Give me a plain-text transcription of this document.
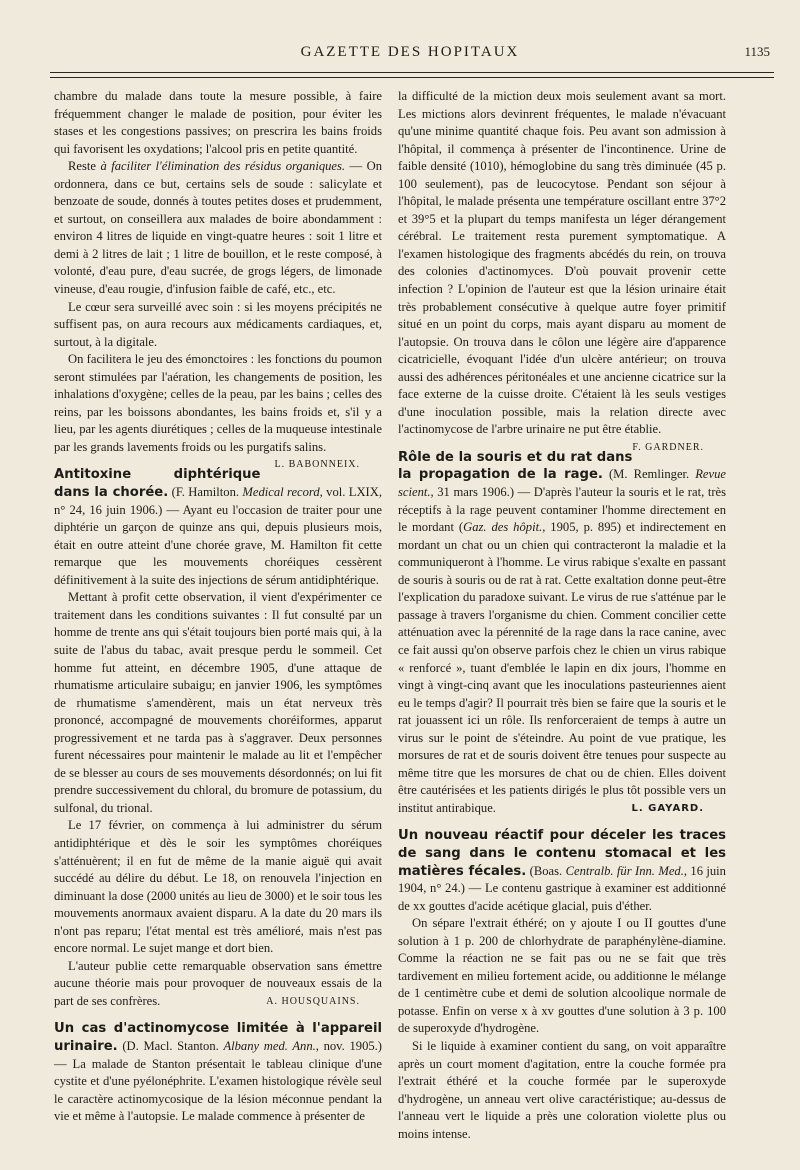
GAZETTE DES HOPITAUX	1135

chambre du malade dans toute la mesure possible, à faire fréquemment changer le malade de position, pour éviter les stases et les congestions passives; on prescrira les bains froids qui favorisent les oxydations; l'alcool pris en petite quantité.

Reste à faciliter l'élimination des résidus organiques. — On ordonnera, dans ce but, certains sels de soude : salicylate et benzoate de soude, donnés à toutes petites doses et prudemment, et surtout, on conseillera aux malades de boire abondamment : environ 4 litres de liquide en vingt-quatre heures : soit 1 litre et demi à 2 litres de lait ; 1 litre de bouillon, et le reste composé, à volonté, d'eau pure, d'eau sucrée, de grogs légers, de limonade vineuse, d'eau rougie, d'infusion faible de café, etc., etc.

Le cœur sera surveillé avec soin : si les moyens précipités ne suffisent pas, on aura recours aux médicaments cardiaques, et, surtout, à la digitale.

On facilitera le jeu des émonctoires : les fonctions du poumon seront stimulées par l'aération, les changements de position, les inhalations d'oxygène; celles de la peau, par les bains ; celles des reins, par les boissons abondantes, les bains froids et, s'il y a lieu, par les agents diurétiques ; celles de la muqueuse intestinale par les grands lavements froids ou les purgatifs salins.
L. BABONNEIX.

Antitoxine diphtérique dans la chorée. (F. Hamilton. Medical record, vol. LXIX, n° 24, 16 juin 1906.) — Ayant eu l'occasion de traiter pour une diphtérie un garçon de quinze ans qui, depuis plusieurs mois, était en outre atteint d'une chorée grave, M. Hamilton fit cette remarque que les mouvements choréiques cessèrent définitivement à la suite des injections de sérum antidiphtérique.

Mettant à profit cette observation, il vient d'expérimenter ce traitement dans les conditions suivantes : Il fut consulté par un homme de trente ans qui s'était toujours bien porté mais qui, à la suite de l'abus du tabac, avait presque perdu le sommeil. Cet homme fut atteint, en décembre 1905, d'une attaque de rhumatisme articulaire subaigu; en janvier 1906, les symptômes de rhumatisme s'amendèrent, mais un état nerveux très prononcé, accompagné de mouvements choréiformes, apparut progressivement et ne tarda pas à s'aggraver. Deux personnes furent nécessaires pour maintenir le malade au lit et l'empêcher de se blesser au cours de ses mouvements désordonnés; on lui fit prendre successivement du chloral, du bromure de potassium, du sulfonal, du trional.

Le 17 février, on commença à lui administrer du sérum antidiphtérique et dès le soir les symptômes choréiques s'atténuèrent; il en fut de même de la manie aiguë qui avait succédé au délire du début. Le 18, on renouvela l'injection en diminuant la dose (2000 unités au lieu de 3000) et le soir tous les mouvements anormaux avaient disparu. A la date du 20 mars ils n'ont pas reparu; l'état mental est très amélioré, mais n'est pas encore normal. Le sujet mange et dort bien.

L'auteur publie cette remarquable observation sans émettre aucune théorie mais pour provoquer de nouveaux essais de la part de ses confrères.	A. HOUSQUAINS.

Un cas d'actinomycose limitée à l'appareil urinaire. (D. Macl. Stanton. Albany med. Ann., nov. 1905.) — La malade de Stanton présentait le tableau clinique d'une cystite et d'une pyélonéphrite. L'examen histologique révèle seul le caractère actinomycosique de la lésion méconnue pendant la vie et même à l'autopsie. Le malade commence à présenter de

la difficulté de la miction deux mois seulement avant sa mort. Les mictions alors devinrent fréquentes, le malade n'évacuant qu'une minime quantité chaque fois. Peu avant son admission à l'hôpital, il commença à présenter de l'incontinence. Urine de faible densité (1010), hémoglobine du sang très diminuée (45 p. 100 seulement), pas de leucocytose. Pendant son séjour à l'hôpital, le malade présenta une température oscillant entre 37°2 et 39°5 et la plupart du temps manifesta un léger dérangement cérébral. Le traitement resta purement symptomatique. A l'examen histologique des fragments abcédés du rein, on trouva des colonies d'actinomyces. D'où pouvait provenir cette infection ? L'opinion de l'auteur est que la lésion urinaire était très probablement consécutive à quelque autre foyer primitif situé en un point du corps, mais ayant disparu au moment de l'autopsie. On trouva dans le côlon une légère aire d'apparence cicatricielle, évoquant l'idée d'un ulcère antérieur; on trouva aussi des adhérences péritonéales et une ancienne cicatrice sur la face externe de la cuisse droite. C'étaient là les seuls vestiges d'une inoculation possible, mais la relation directe avec l'actinomycose de l'arbre urinaire ne put être établie.
F. GARDNER.

Rôle de la souris et du rat dans la propagation de la rage. (M. Remlinger. Revue scient., 31 mars 1906.) — D'après l'auteur la souris et le rat, très réceptifs à la rage peuvent contaminer l'homme directement en le mordant (Gaz. des hôpit., 1905, p. 895) et indirectement en mordant un chat ou un chien qui contracteront la maladie et la communiqueront à l'homme. Le virus rabique s'exalte en passant de souris à souris ou de rat à rat. Cette exaltation donne peut-être l'explication du paradoxe suivant. Le virus de rue s'atténue par le passage à travers l'organisme du chien. Comment concilier cette atténuation avec la pérennité de la rage dans la race canine, avec ce fait aussi qu'on observe parfois chez le chien un virus rabique « renforcé », tuant d'emblée le lapin en dix jours, l'homme en vingt à vingt-cinq avant que les inoculations pasteuriennes aient eu le temps d'agir? Il pourrait très bien se faire que la souris et le rat jouassent ici un rôle. Ils renforceraient de temps à autre un virus sur le point de s'éteindre. Au point de vue pratique, les morsures de rat et de souris doivent être tenues pour suspecte au même titre que les morsures de chat ou de chien. Elles doivent être cautérisées et les patients dirigés le plus tôt possible vers un institut antirabique.	L. GAYARD.
Un nouveau réactif pour déceler les traces de sang dans le contenu stomacal et les matières fécales. (Boas. Centralb. für Inn. Med., 16 juin 1904, n° 24.) — Le contenu gastrique à examiner est additionné de xx gouttes d'acide acétique glacial, puis d'éther.

On sépare l'extrait éthéré; on y ajoute I ou II gouttes d'une solution à 1 p. 200 de chlorhydrate de paraphénylène-diamine. Comme la réaction ne se fait pas ou ne se fait que très tardivement en milieu fortement acide, ou additionne le mélange de 1 centimètre cube et demi de solution alcoolique normale de potasse. Enfin on verse x à xv gouttes d'une solution à 3 p. 100 de superoxyde d'hydrogène.

Si le liquide à examiner contient du sang, on voit apparaître après un court moment d'agitation, entre la couche formée pra l'extrait éthéré et la couche formée par le superoxyde d'hydrogène, un anneau vert olive caractéristique; au-dessus de l'anneau vert le liquide a près une coloration violette plus ou moins intense.
